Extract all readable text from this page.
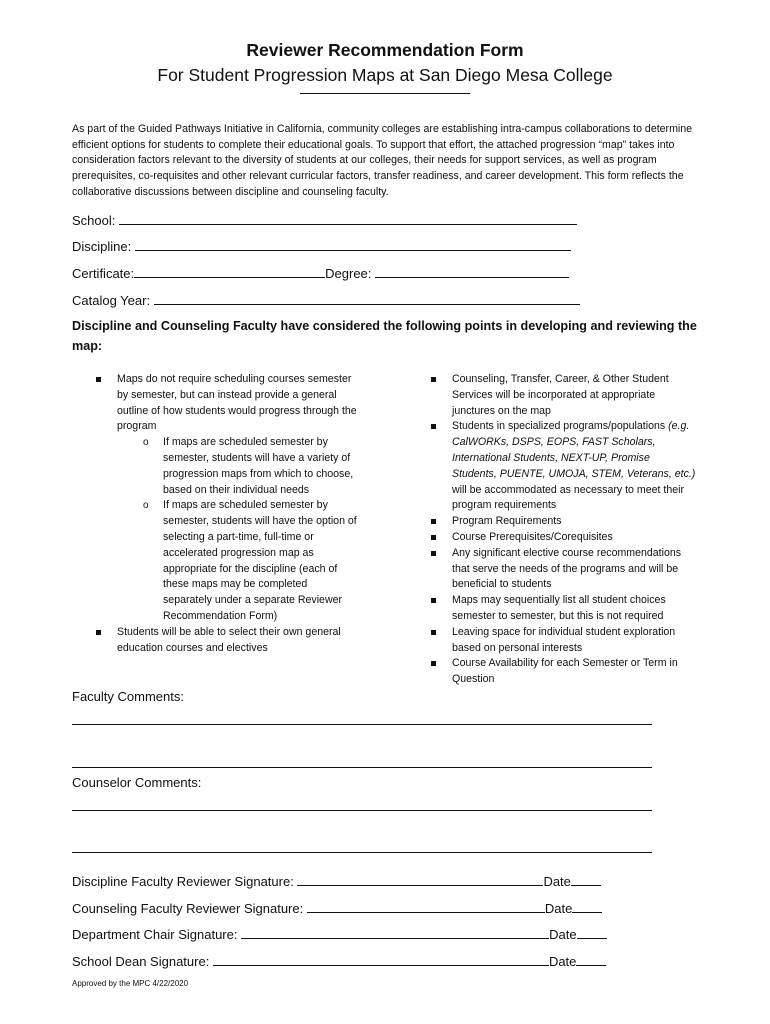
Reviewer Recommendation Form
For Student Progression Maps at San Diego Mesa College
As part of the Guided Pathways Initiative in California, community colleges are establishing intra-campus collaborations to determine efficient options for students to complete their educational goals. To support that effort, the attached progression “map” takes into consideration factors relevant to the diversity of students at our colleges, their needs for support services, as well as program prerequisites, co-requisites and other relevant curricular factors, transfer readiness, and career development. This form reflects the collaborative discussions between discipline and counseling faculty.
School:
Discipline:
Certificate:	Degree:
Catalog Year:
Discipline and Counseling Faculty have considered the following points in developing and reviewing the map:
Maps do not require scheduling courses semester by semester, but can instead provide a general outline of how students would progress through the program
o If maps are scheduled semester by semester, students will have a variety of progression maps from which to choose, based on their individual needs
o If maps are scheduled semester by semester, students will have the option of selecting a part-time, full-time or accelerated progression map as appropriate for the discipline (each of these maps may be completed separately under a separate Reviewer Recommendation Form)
Students will be able to select their own general education courses and electives
Counseling, Transfer, Career, & Other Student Services will be incorporated at appropriate junctures on the map
Students in specialized programs/populations (e.g. CalWORKs, DSPS, EOPS, FAST Scholars, International Students, NEXT-UP, Promise Students, PUENTE, UMOJA, STEM, Veterans, etc.) will be accommodated as necessary to meet their program requirements
Program Requirements
Course Prerequisites/Corequisites
Any significant elective course recommendations that serve the needs of the programs and will be beneficial to students
Maps may sequentially list all student choices semester to semester, but this is not required
Leaving space for individual student exploration based on personal interests
Course Availability for each Semester or Term in Question
Faculty Comments:
Counselor Comments:
Discipline Faculty Reviewer Signature:	Date
Counseling Faculty Reviewer Signature:	Date
Department Chair Signature:	Date
School Dean Signature:	Date
Approved by the MPC 4/22/2020
